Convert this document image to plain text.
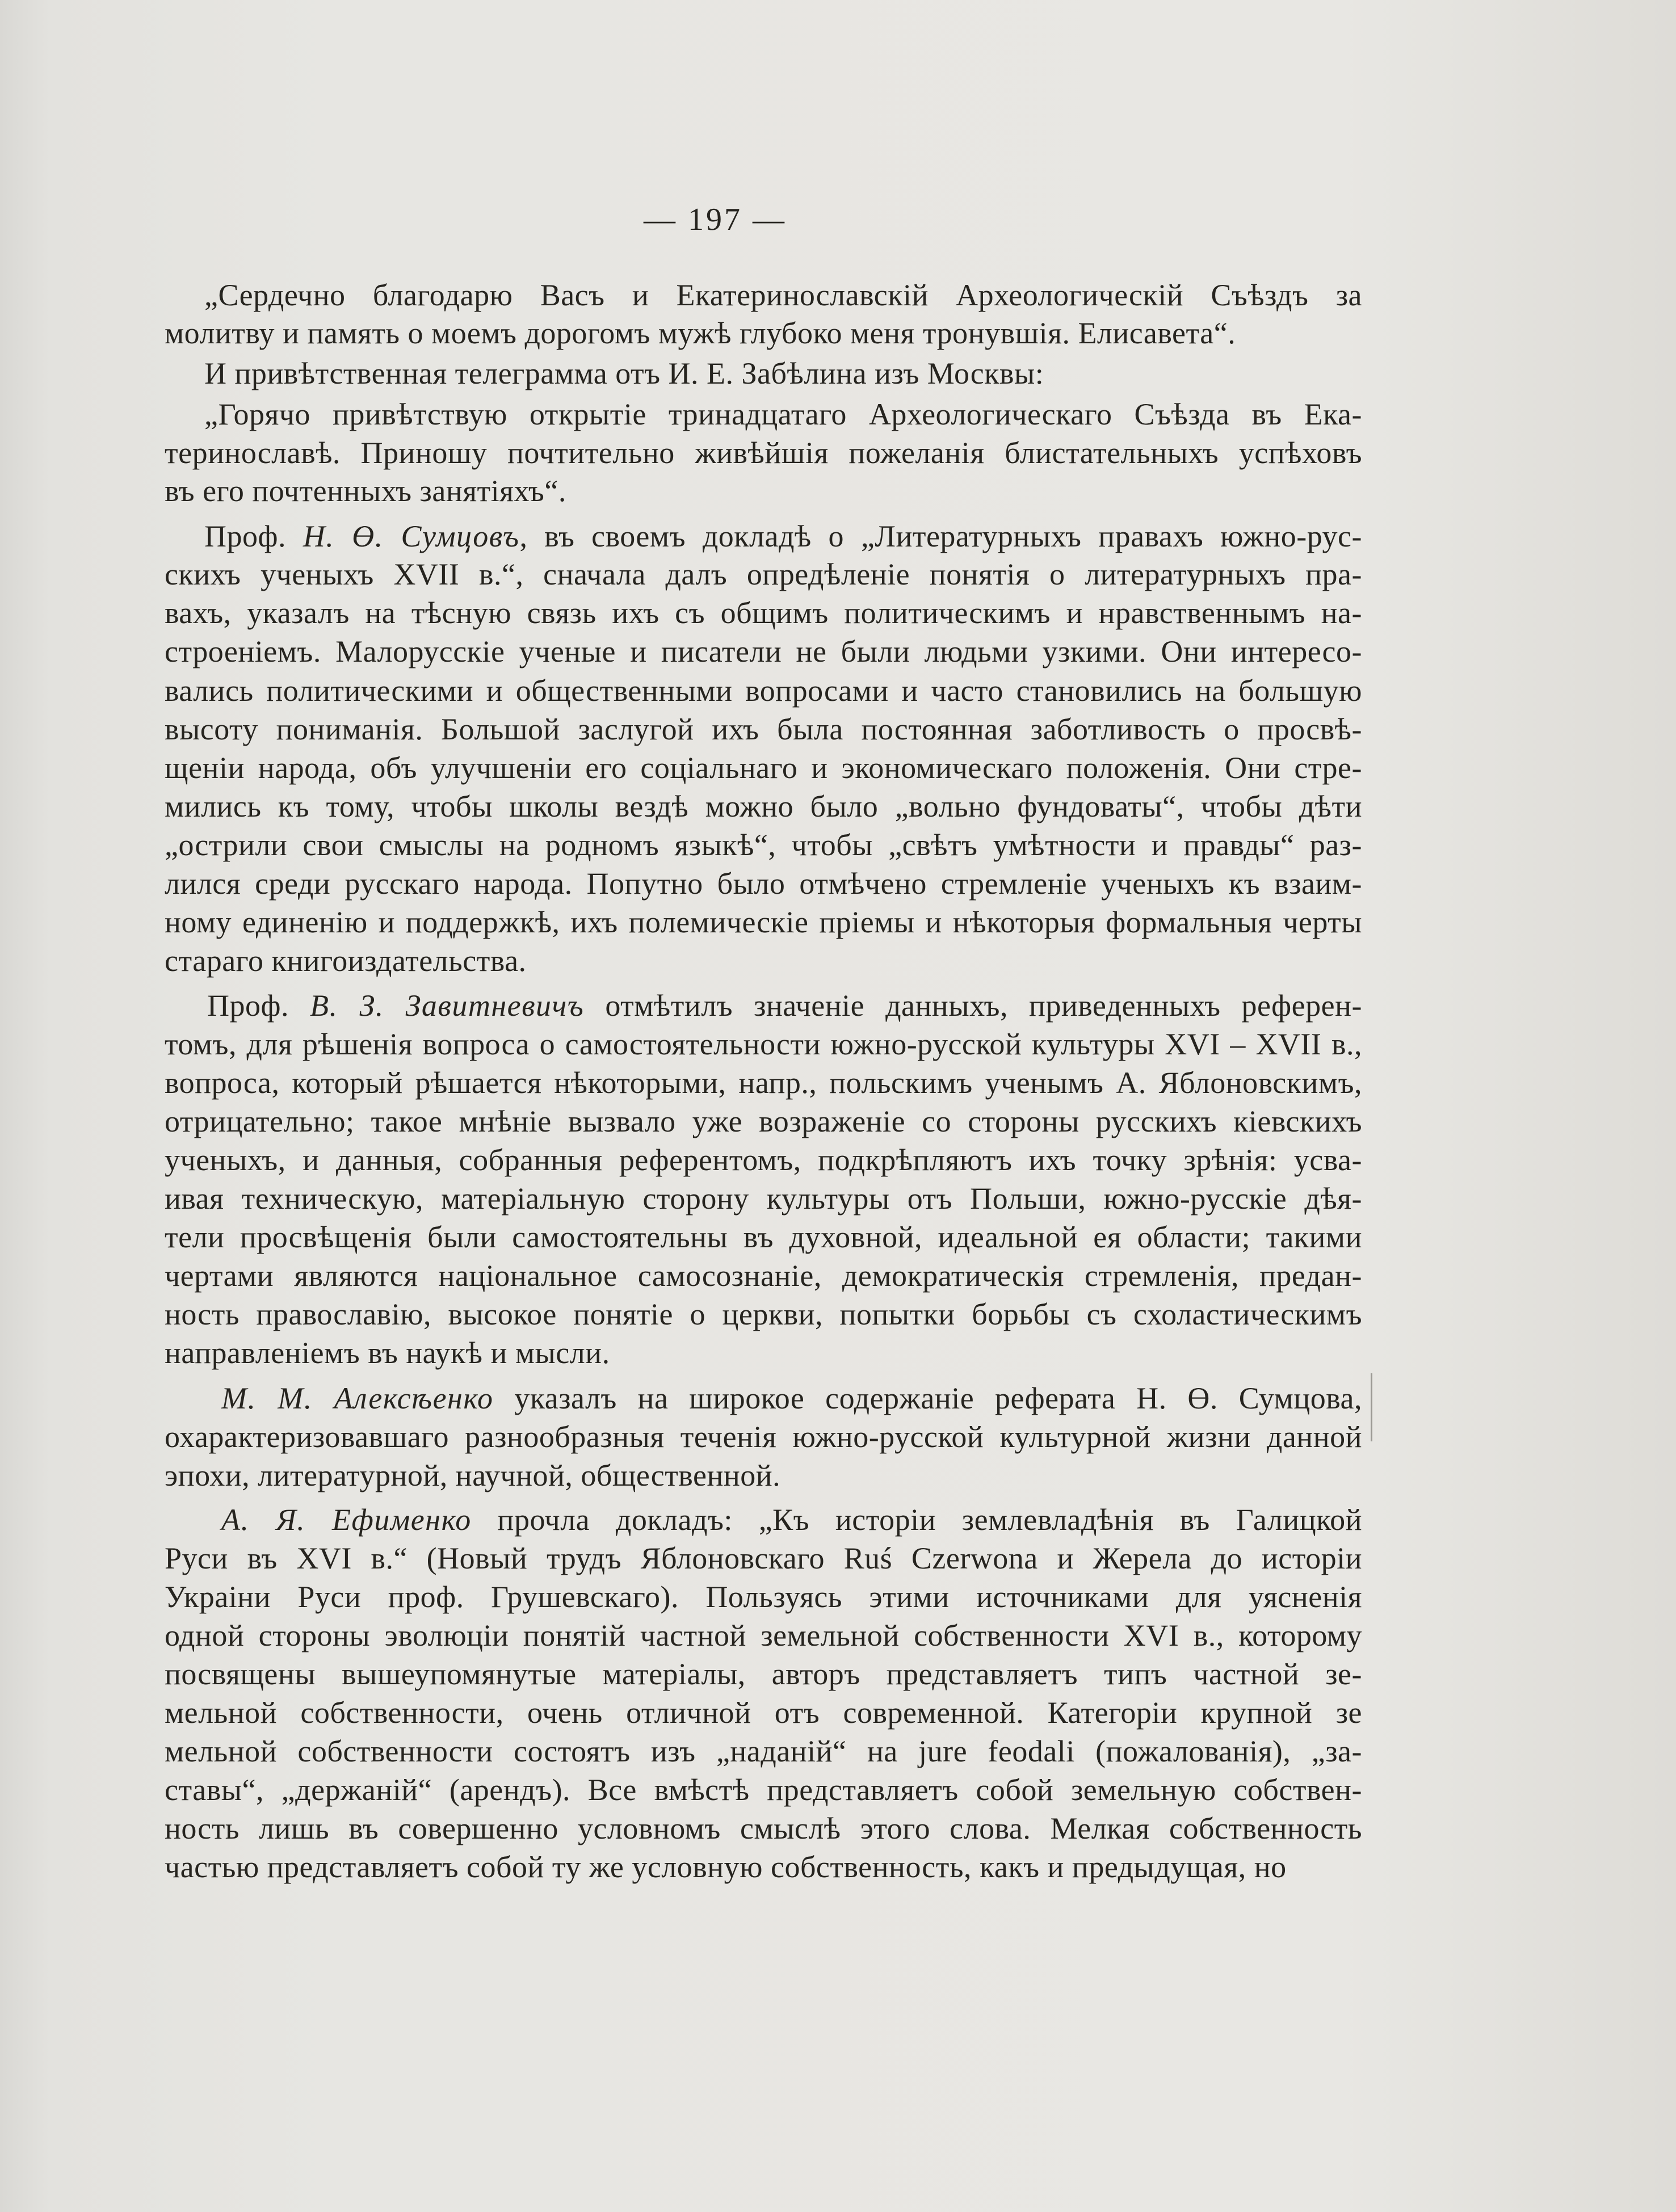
— 197 —
„Сердечно благодарю Васъ и Екатеринославскій Археологическій Съѣздъ за
молитву и память о моемъ дорогомъ мужѣ глубоко меня тронувшія. Елисавета“.
И привѣтственная телеграмма отъ И. Е. Забѣлина изъ Москвы:
„Горячо привѣтствую открытіе тринадцатаго Археологическаго Съѣзда въ Ека-
теринославѣ. Приношу почтительно живѣйшія пожеланія блистательныхъ успѣховъ
въ его почтенныхъ занятіяхъ“.
Проф. Н. Ө. Сумцовъ, въ своемъ докладѣ о „Литературныхъ правахъ южно-рус-
скихъ ученыхъ XVII в.“, сначала далъ опредѣленіе понятія о литературныхъ пра-
вахъ, указалъ на тѣсную связь ихъ съ общимъ политическимъ и нравственнымъ на-
строеніемъ. Малорусскіе ученые и писатели не были людьми узкими. Они интересо-
вались политическими и общественными вопросами и часто становились на большую
высоту пониманія. Большой заслугой ихъ была постоянная заботливость о просвѣ-
щеніи народа, объ улучшеніи его соціальнаго и экономическаго положенія. Они стре-
мились къ тому, чтобы школы вездѣ можно было „вольно фундоваты“, чтобы дѣти
„острили свои смыслы на родномъ языкѣ“, чтобы „свѣтъ умѣтности и правды“ раз-
лился среди русскаго народа. Попутно было отмѣчено стремленіе ученыхъ къ взаим-
ному единенію и поддержкѣ, ихъ полемическіе пріемы и нѣкоторыя формальныя черты
стараго книгоиздательства.
Проф. В. З. Завитневичъ отмѣтилъ значеніе данныхъ, приведенныхъ референ-
томъ, для рѣшенія вопроса о самостоятельности южно-русской культуры XVI – XVII в.,
вопроса, который рѣшается нѣкоторыми, напр., польскимъ ученымъ А. Яблоновскимъ,
отрицательно; такое мнѣніе вызвало уже возраженіе со стороны русскихъ кіевскихъ
ученыхъ, и данныя, собранныя референтомъ, подкрѣпляютъ ихъ точку зрѣнія: усва-
ивая техническую, матеріальную сторону культуры отъ Польши, южно-русскіе дѣя-
тели просвѣщенія были самостоятельны въ духовной, идеальной ея области; такими
чертами являются національное самосознаніе, демократическія стремленія, предан-
ность православію, высокое понятіе о церкви, попытки борьбы съ схоластическимъ
направленіемъ въ наукѣ и мысли.
М. М. Алексѣенко указалъ на широкое содержаніе реферата Н. Ө. Сумцова,
охарактеризовавшаго разнообразныя теченія южно-русской культурной жизни данной
эпохи, литературной, научной, общественной.
А. Я. Ефименко прочла докладъ: „Къ исторіи землевладѣнія въ Галицкой
Руси въ XVI в.“ (Новый трудъ Яблоновскаго Ruś Czerwona и Жерела до исторіи
Украіни Руси проф. Грушевскаго). Пользуясь этими источниками для уясненія
одной стороны эволюціи понятій частной земельной собственности XVI в., которому
посвящены вышеупомянутые матеріалы, авторъ представляетъ типъ частной зе-
мельной собственности, очень отличной отъ современной. Категоріи крупной зе
мельной собственности состоятъ изъ „наданій“ на jure feodali (пожалованія), „за-
ставы“, „держаній“ (арендъ). Все вмѣстѣ представляетъ собой земельную собствен-
ность лишь въ совершенно условномъ смыслѣ этого слова. Мелкая собственность
частью представляетъ собой ту же условную собственность, какъ и предыдущая, но
